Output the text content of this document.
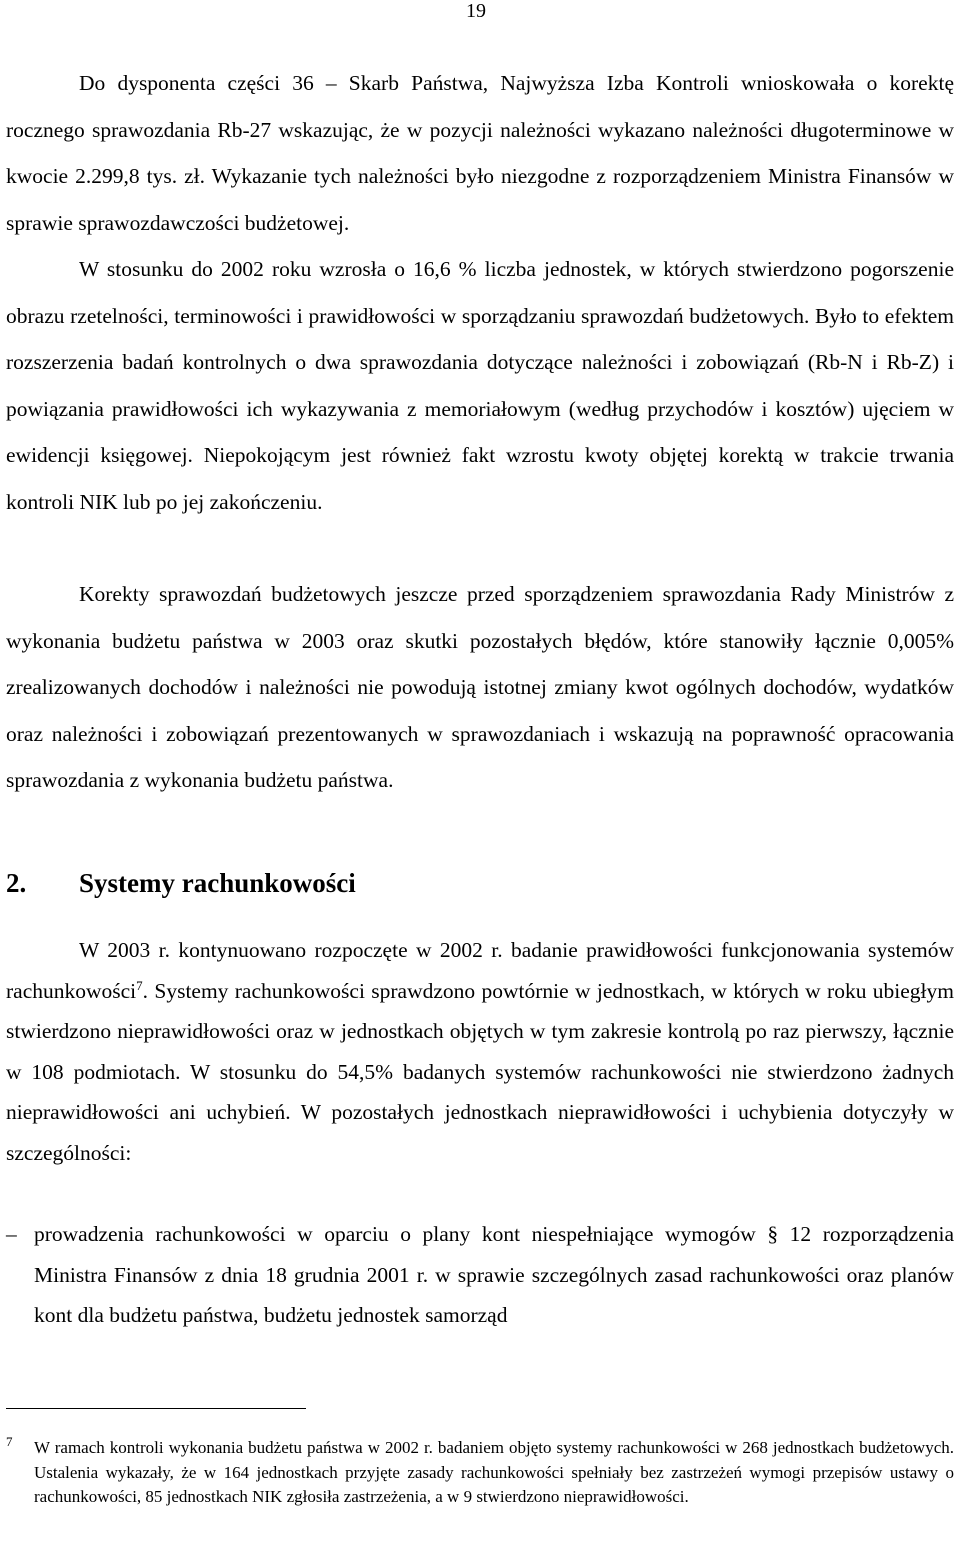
19

Do dysponenta części 36 – Skarb Państwa, Najwyższa Izba Kontroli wnioskowała o korektę rocznego sprawozdania Rb-27 wskazując, że w pozycji należności wykazano należności długoterminowe w kwocie 2.299,8 tys. zł. Wykazanie tych należności było niezgodne z rozporządzeniem Ministra Finansów w sprawie sprawozdawczości budżetowej.

W stosunku do 2002 roku wzrosła o 16,6 % liczba jednostek, w których stwierdzono pogorszenie obrazu rzetelności, terminowości i prawidłowości w sporządzaniu sprawozdań budżetowych. Było to efektem rozszerzenia badań kontrolnych o dwa sprawozdania dotyczące należności i zobowiązań (Rb-N i Rb-Z) i powiązania prawidłowości ich wykazywania z memoriałowym (według przychodów i kosztów) ujęciem w ewidencji księgowej. Niepokojącym jest również fakt wzrostu kwoty objętej korektą w trakcie trwania kontroli NIK lub po jej zakończeniu.

Korekty sprawozdań budżetowych jeszcze przed sporządzeniem sprawozdania Rady Ministrów z wykonania budżetu państwa w 2003 oraz skutki pozostałych błędów, które stanowiły łącznie 0,005% zrealizowanych dochodów i należności nie powodują istotnej zmiany kwot ogólnych dochodów, wydatków oraz należności i zobowiązań prezentowanych w sprawozdaniach i wskazują na poprawność opracowania sprawozdania z wykonania budżetu państwa.

2. Systemy rachunkowości

W 2003 r. kontynuowano rozpoczęte w 2002 r. badanie prawidłowości funkcjonowania systemów rachunkowości$^7$. Systemy rachunkowości sprawdzono powtórnie w jednostkach, w których w roku ubiegłym stwierdzono nieprawidłowości oraz w jednostkach objętych w tym zakresie kontrolą po raz pierwszy, łącznie w 108 podmiotach. W stosunku do 54,5% badanych systemów rachunkowości nie stwierdzono żadnych nieprawidłowości ani uchybień. W pozostałych jednostkach nieprawidłowości i uchybienia dotyczyły w szczególności:

– prowadzenia rachunkowości w oparciu o plany kont niespełniające wymogów § 12 rozporządzenia Ministra Finansów z dnia 18 grudnia 2001 r. w sprawie szczególnych zasad rachunkowości oraz planów kont dla budżetu państwa, budżetu jednostek samorząd
7 W ramach kontroli wykonania budżetu państwa w 2002 r. badaniem objęto systemy rachunkowości w 268 jednostkach budżetowych. Ustalenia wykazały, że w 164 jednostkach przyjęte zasady rachunkowości spełniały bez zastrzeżeń wymogi przepisów ustawy o rachunkowości, 85 jednostkach NIK zgłosiła zastrzeżenia, a w 9 stwierdzono nieprawidłowości.
